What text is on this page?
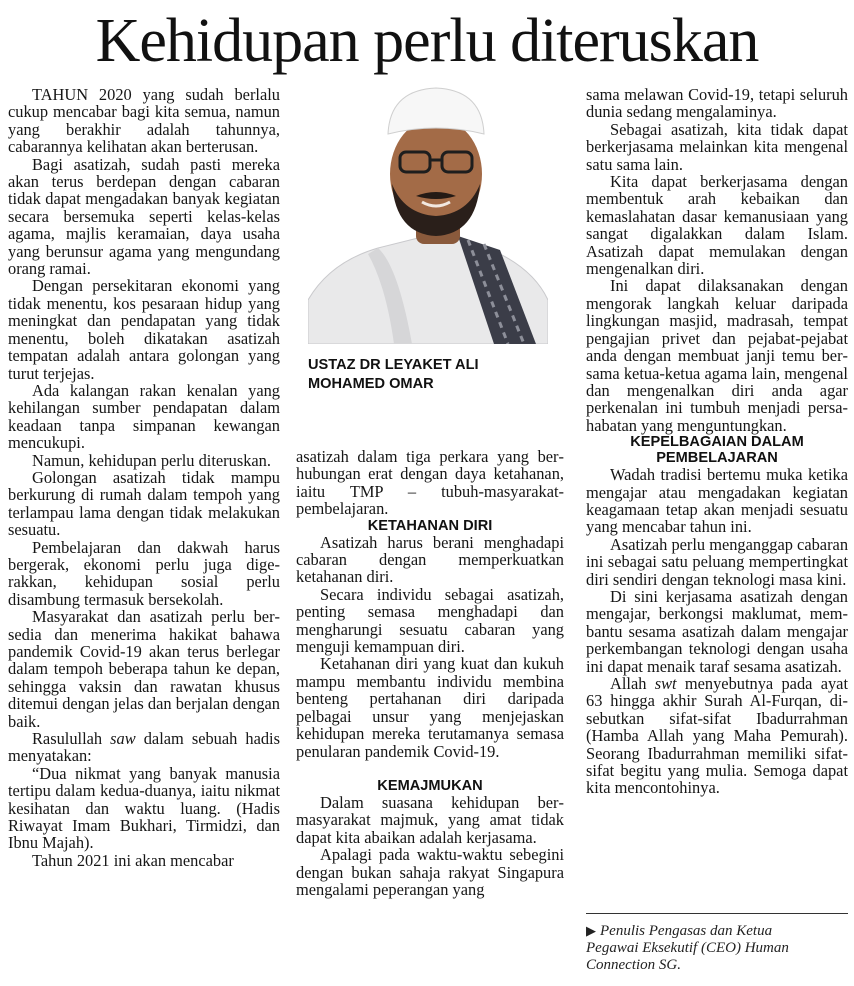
Kehidupan perlu diteruskan

TAHUN 2020 yang sudah berlalu cukup mencabar bagi kita semua, namun yang berakhir adalah tahunnya, cabarannya kelihatan akan berterusan.

Bagi asatizah, sudah pasti mereka akan terus berdepan dengan cabaran tidak dapat mengadakan banyak kegiatan secara bersemuka seperti kelas-kelas agama, majlis keramaian, daya usaha yang berunsur agama yang mengundang orang ramai.

Dengan persekitaran ekonomi yang tidak menentu, kos pesaraan hidup yang meningkat dan pendapatan yang tidak menentu, boleh dikatakan asatizah tempatan adalah antara golongan yang turut terjejas.

Ada kalangan rakan kenalan yang kehilangan sumber pendapatan dalam keadaan tanpa simpanan kewangan mencukupi.

Namun, kehidupan perlu diteruskan.

Golongan asatizah tidak mampu berkurung di rumah dalam tempoh yang terlampau lama dengan tidak melakukan sesuatu.

Pembelajaran dan dakwah harus bergerak, ekonomi perlu juga digerakkan, kehidupan sosial perlu disambung termasuk bersekolah.

Masyarakat dan asatizah perlu bersedia dan menerima hakikat bahawa pandemik Covid-19 akan terus berlegar dalam tempoh beberapa tahun ke depan, sehingga vaksin dan rawatan khusus ditemui dengan jelas dan berjalan dengan baik.

Rasulullah saw dalam sebuah hadis menyatakan:

“Dua nikmat yang banyak manusia tertipu dalam kedua-duanya, iaitu nikmat kesihatan dan waktu luang. (Hadis Riwayat Imam Bukhari, Tirmidzi, dan Ibnu Majah).

Tahun 2021 ini akan mencabar

USTAZ DR LEYAKET ALI
MOHAMED OMAR

asatizah dalam tiga perkara yang berhubungan erat dengan daya ketahanan, iaitu TMP – tubuh-masyarakat-pembelajaran.

KETAHANAN DIRI

Asatizah harus berani menghadapi cabaran dengan memperkuatkan ketahanan diri.

Secara individu sebagai asatizah, penting semasa menghadapi dan mengharungi sesuatu cabaran yang menguji kemampuan diri.

Ketahanan diri yang kuat dan kukuh mampu membantu individu membina benteng pertahanan diri daripada pelbagai unsur yang menjejaskan kehidupan mereka terutamanya semasa penularan pandemik Covid-19.

KEMAJMUKAN

Dalam suasana kehidupan bermasyarakat majmuk, yang amat tidak dapat kita abaikan adalah kerjasama.

Apalagi pada waktu-waktu sebegini dengan bukan sahaja rakyat Singapura mengalami peperangan yang

sama melawan Covid-19, tetapi seluruh dunia sedang mengalaminya.

Sebagai asatizah, kita tidak dapat berkerjasama melainkan kita mengenal satu sama lain.

Kita dapat berkerjasama dengan membentuk arah kebaikan dan kemaslahatan dasar kemanusiaan yang sangat digalakkan dalam Islam. Asatizah dapat memulakan dengan mengenalkan diri.

Ini dapat dilaksanakan dengan mengorak langkah keluar daripada lingkungan masjid, madrasah, tempat pengajian privet dan pejabat-pejabat anda dengan membuat janji temu bersama ketua-ketua agama lain, mengenal dan mengenalkan diri anda agar perkenalan ini tumbuh menjadi persahabatan yang menguntungkan.

KEPELBAGAIAN DALAM
PEMBELAJARAN

Wadah tradisi bertemu muka ketika mengajar atau mengadakan kegiatan keagamaan tetap akan menjadi sesuatu yang mencabar tahun ini.

Asatizah perlu menganggap cabaran ini sebagai satu peluang mempertingkat diri sendiri dengan teknologi masa kini.

Di sini kerjasama asatizah dengan mengajar, berkongsi maklumat, membantu sesama asatizah dalam mengajar perkembangan teknologi dengan usaha ini dapat menaik taraf sesama asatizah.

Allah swt menyebutnya pada ayat 63 hingga akhir Surah Al-Furqan, disebutkan sifat-sifat Ibadurrahman (Hamba Allah yang Maha Pemurah). Seorang Ibadurrahman memiliki sifat-sifat begitu yang mulia. Semoga dapat kita mencontohinya.

▶ Penulis Pengasas dan Ketua
Pegawai Eksekutif (CEO) Human
Connection SG.
